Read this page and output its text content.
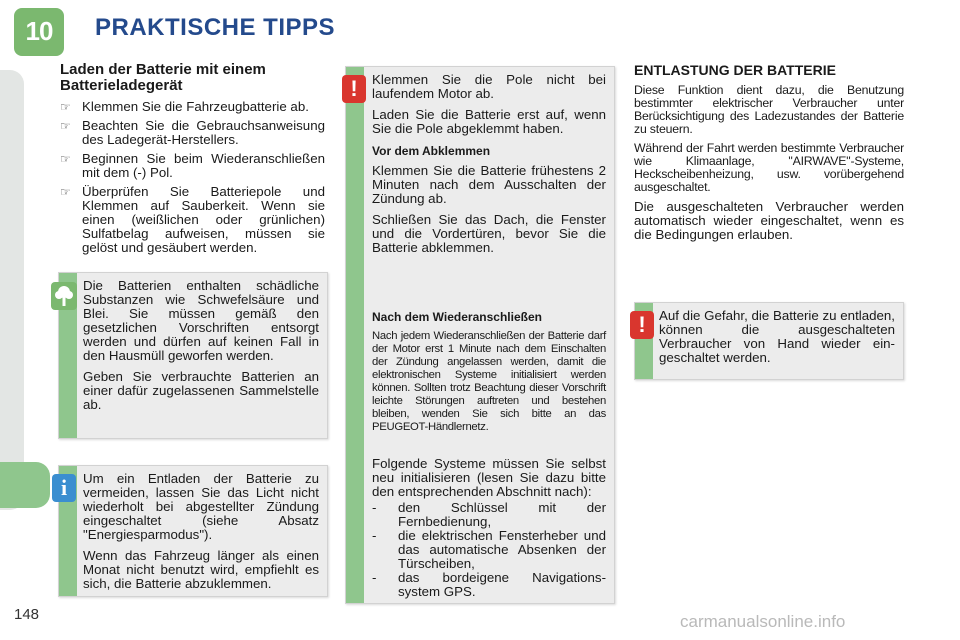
10 PRAKTISCHE TIPPS
Laden der Batterie mit einem Batterieladegerät
☞ Klemmen Sie die Fahrzeugbatterie ab.
☞ Beachten Sie die Gebrauchsanweisung des Ladegerät-Herstellers.
☞ Beginnen Sie beim Wiederanschließen mit dem (-) Pol.
☞ Überprüfen Sie Batteriepole und Klemmen auf Sauberkeit. Wenn sie einen (weißlichen oder grünlichen) Sulfatbelag aufweisen, müssen sie gelöst und gesäubert werden.

Die Batterien enthalten schädliche Substanzen wie Schwefelsäure und Blei. Sie müssen gemäß den gesetzlichen Vorschriften entsorgt werden und dürfen auf keinen Fall in den Hausmüll geworfen werden.

Geben Sie verbrauchte Batterien an einer dafür zugelassenen Sammelstelle ab.

Um ein Entladen der Batterie zu vermeiden, lassen Sie das Licht nicht wiederholt bei abgestellter Zündung eingeschaltet (siehe Absatz "Energiesparmodus").

Wenn das Fahrzeug länger als einen Monat nicht benutzt wird, empfiehlt es sich, die Batterie abzuklemmen.

i

Klemmen Sie die Pole nicht bei laufendem Motor ab.

Laden Sie die Batterie erst auf, wenn Sie die Pole abgeklemmt haben.

Vor dem Abklemmen

Klemmen Sie die Batterie frühestens 2 Minuten nach dem Ausschalten der Zündung ab.

Schließen Sie das Dach, die Fenster und die Vordertüren, bevor Sie die Batterie abklemmen.

Nach dem Wiederanschließen

Nach jedem Wiederanschließen der Batterie darf der Motor erst 1 Minute nach dem Einschalten der Zündung angelassen werden, damit die elektronischen Systeme initialisiert werden können. Sollten trotz Beachtung dieser Vorschrift leichte Störungen auftreten und bestehen bleiben, wenden Sie sich bitte an das PEUGEOT-Händlernetz.

Folgende Systeme müssen Sie selbst neu initialisieren (lesen Sie dazu bitte den entsprechenden Abschnitt nach):

- den Schlüssel mit der Fernbedienung,
- die elektrischen Fensterheber und das automatische Absenken der Türscheiben,
- das bordeigene Navigations-system GPS.
!
ENTLASTUNG DER BATTERIE

Diese Funktion dient dazu, die Benutzung bestimmter elektrischer Verbraucher unter Berücksichtigung des Ladezustandes der Batterie zu steuern.

Während der Fahrt werden bestimmte Verbraucher wie Klimaanlage, "AIRWAVE"-Systeme, Heckscheibenheizung, usw. vorübergehend ausgeschaltet.

Die ausgeschalteten Verbraucher werden automatisch wieder eingeschaltet, wenn es die Bedingungen erlauben.

Auf die Gefahr, die Batterie zu entladen, können die ausgeschalteten Verbraucher von Hand wieder ein-geschaltet werden.

!
148	carmanualsonline.info
